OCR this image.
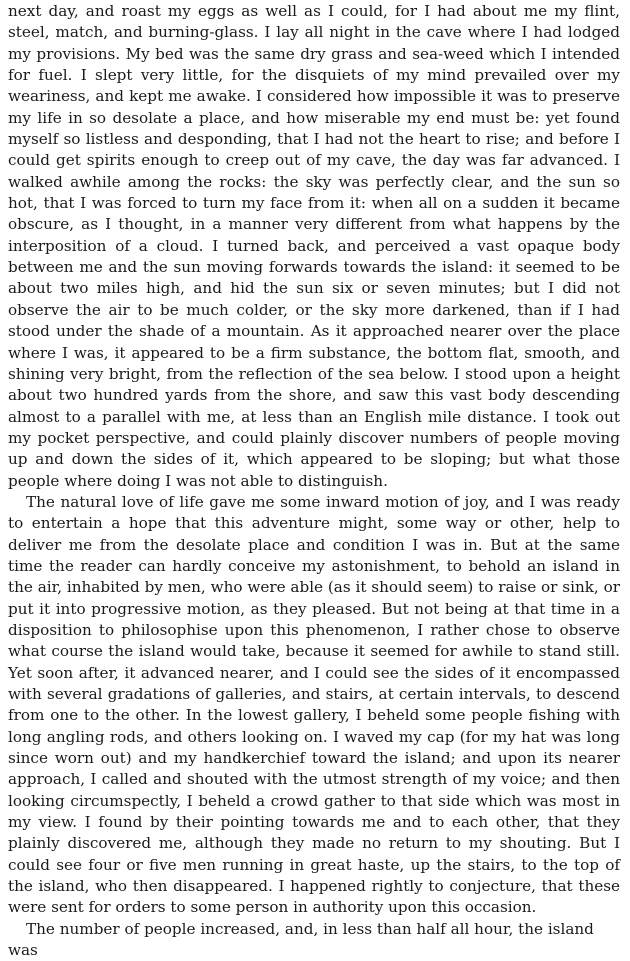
next day, and roast my eggs as well as I could, for I had about me my flint, steel, match, and burning-glass. I lay all night in the cave where I had lodged my provisions. My bed was the same dry grass and sea-weed which I intended for fuel. I slept very little, for the disquiets of my mind prevailed over my weariness, and kept me awake. I considered how impossible it was to preserve my life in so desolate a place, and how miserable my end must be: yet found myself so listless and desponding, that I had not the heart to rise; and before I could get spirits enough to creep out of my cave, the day was far advanced. I walked awhile among the rocks: the sky was perfectly clear, and the sun so hot, that I was forced to turn my face from it: when all on a sudden it became obscure, as I thought, in a manner very different from what happens by the interposition of a cloud. I turned back, and perceived a vast opaque body between me and the sun moving forwards towards the island: it seemed to be about two miles high, and hid the sun six or seven minutes; but I did not observe the air to be much colder, or the sky more darkened, than if I had stood under the shade of a mountain. As it approached nearer over the place where I was, it appeared to be a firm substance, the bottom flat, smooth, and shining very bright, from the reflection of the sea below. I stood upon a height about two hundred yards from the shore, and saw this vast body descending almost to a parallel with me, at less than an English mile distance. I took out my pocket perspective, and could plainly discover numbers of people moving up and down the sides of it, which appeared to be sloping; but what those people where doing I was not able to distinguish.

The natural love of life gave me some inward motion of joy, and I was ready to entertain a hope that this adventure might, some way or other, help to deliver me from the desolate place and condition I was in. But at the same time the reader can hardly conceive my astonishment, to behold an island in the air, inhabited by men, who were able (as it should seem) to raise or sink, or put it into progressive motion, as they pleased. But not being at that time in a disposition to philosophise upon this phenomenon, I rather chose to observe what course the island would take, because it seemed for awhile to stand still. Yet soon after, it advanced nearer, and I could see the sides of it encompassed with several gradations of galleries, and stairs, at certain intervals, to descend from one to the other. In the lowest gallery, I beheld some people fishing with long angling rods, and others looking on. I waved my cap (for my hat was long since worn out) and my handkerchief toward the island; and upon its nearer approach, I called and shouted with the utmost strength of my voice; and then looking circumspectly, I beheld a crowd gather to that side which was most in my view. I found by their pointing towards me and to each other, that they plainly discovered me, although they made no return to my shouting. But I could see four or five men running in great haste, up the stairs, to the top of the island, who then disappeared. I happened rightly to conjecture, that these were sent for orders to some person in authority upon this occasion.

The number of people increased, and, in less than half all hour, the island was
